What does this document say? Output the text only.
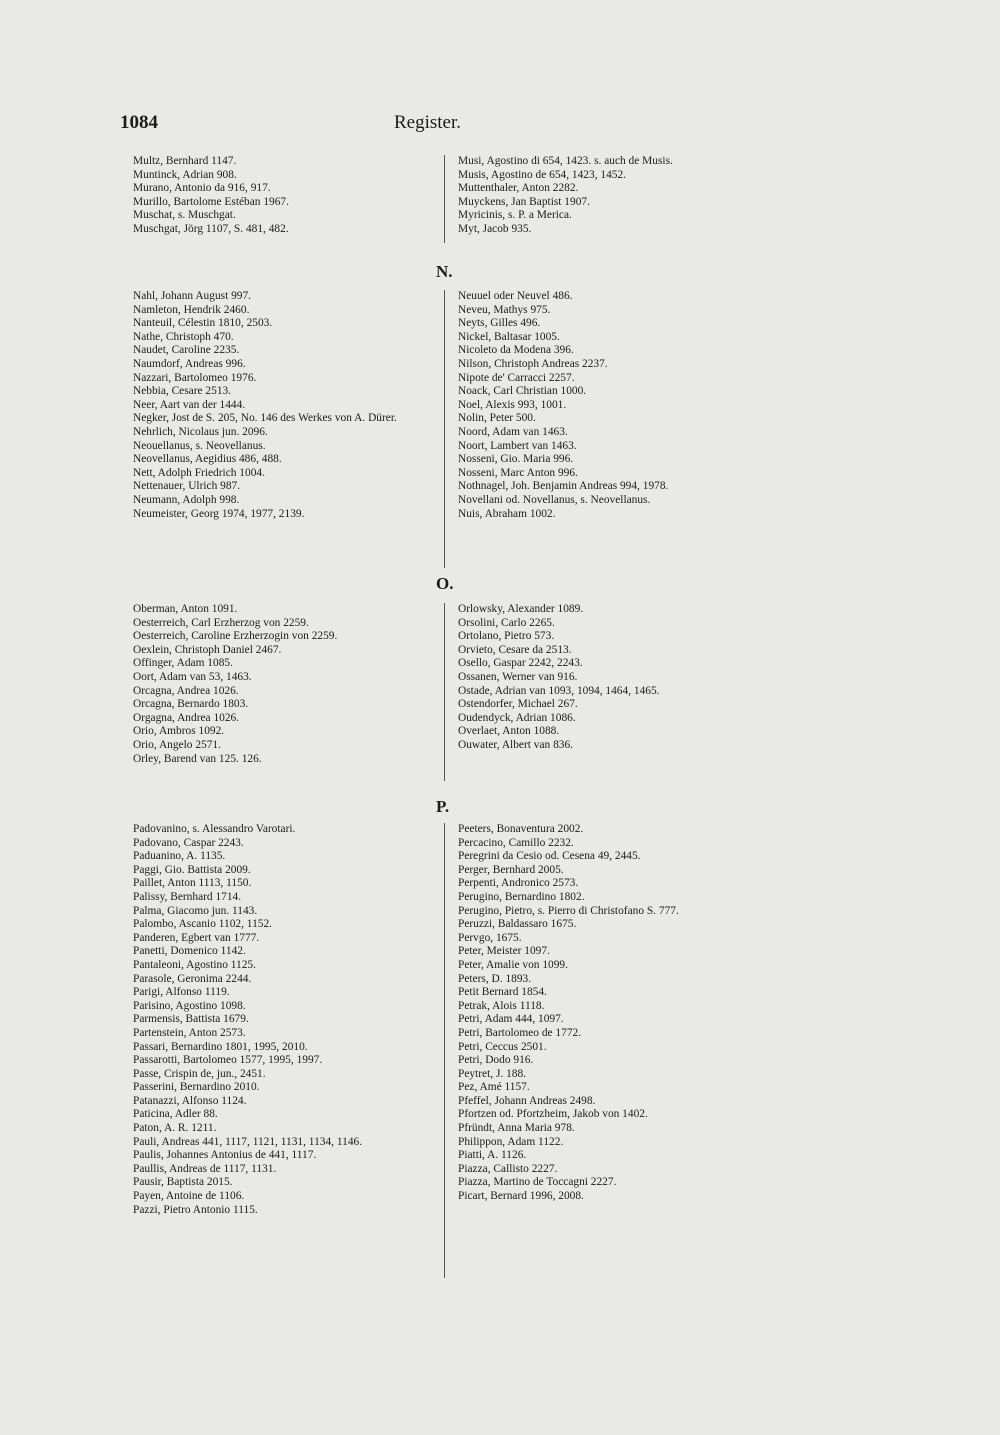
1084	Register.
Multz, Bernhard 1147.
Muntinck, Adrian 908.
Murano, Antonio da 916, 917.
Murillo, Bartolome Estéban 1967.
Muschat, s. Muschgat.
Muschgat, Jörg 1107, S. 481, 482.
Musi, Agostino di 654, 1423. s. auch de Musis.
Musis, Agostino de 654, 1423, 1452.
Muttenthaler, Anton 2282.
Muyckens, Jan Baptist 1907.
Myricinis, s. P. a Merica.
Myt, Jacob 935.
N.
Nahl, Johann August 997.
Namleton, Hendrik 2460.
Nanteuil, Célestin 1810, 2503.
Nathe, Christoph 470.
Naudet, Caroline 2235.
Naumdorf, Andreas 996.
Nazzari, Bartolomeo 1976.
Nebbia, Cesare 2513.
Neer, Aart van der 1444.
Negker, Jost de S. 205, No. 146 des Werkes von A. Dürer.
Nehrlich, Nicolaus jun. 2096.
Neouellanus, s. Neovellanus.
Neovellanus, Aegidius 486, 488.
Nett, Adolph Friedrich 1004.
Nettenauer, Ulrich 987.
Neumann, Adolph 998.
Neumeister, Georg 1974, 1977, 2139.
Neuuel oder Neuvel 486.
Neveu, Mathys 975.
Neyts, Gilles 496.
Nickel, Baltasar 1005.
Nicoleto da Modena 396.
Nilson, Christoph Andreas 2237.
Nipote de' Carracci 2257.
Noack, Carl Christian 1000.
Noel, Alexis 993, 1001.
Nolin, Peter 500.
Noord, Adam van 1463.
Noort, Lambert van 1463.
Nosseni, Gio. Maria 996.
Nosseni, Marc Anton 996.
Nothnagel, Joh. Benjamin Andreas 994, 1978.
Novellani od. Novellanus, s. Neovellanus.
Nuis, Abraham 1002.
O.
Oberman, Anton 1091.
Oesterreich, Carl Erzherzog von 2259.
Oesterreich, Caroline Erzherzogin von 2259.
Oexlein, Christoph Daniel 2467.
Offinger, Adam 1085.
Oort, Adam van 53, 1463.
Orcagna, Andrea 1026.
Orcagna, Bernardo 1803.
Orgagna, Andrea 1026.
Orio, Ambros 1092.
Orio, Angelo 2571.
Orley, Barend van 125. 126.
Orlowsky, Alexander 1089.
Orsolini, Carlo 2265.
Ortolano, Pietro 573.
Orvieto, Cesare da 2513.
Osello, Gaspar 2242, 2243.
Ossanen, Werner van 916.
Ostade, Adrian van 1093, 1094, 1464, 1465.
Ostendorfer, Michael 267.
Oudendyck, Adrian 1086.
Overlaet, Anton 1088.
Ouwater, Albert van 836.
P.
Padovanino, s. Alessandro Varotari.
Padovano, Caspar 2243.
Paduanino, A. 1135.
Paggi, Gio. Battista 2009.
Paillet, Anton 1113, 1150.
Palissy, Bernhard 1714.
Palma, Giacomo jun. 1143.
Palombo, Ascanio 1102, 1152.
Panderen, Egbert van 1777.
Panetti, Domenico 1142.
Pantaleoni, Agostino 1125.
Parasole, Geronima 2244.
Parigi, Alfonso 1119.
Parisino, Agostino 1098.
Parmensis, Battista 1679.
Partenstein, Anton 2573.
Passari, Bernardino 1801, 1995, 2010.
Passarotti, Bartolomeo 1577, 1995, 1997.
Passe, Crispin de, jun., 2451.
Passerini, Bernardino 2010.
Patanazzi, Alfonso 1124.
Paticina, Adler 88.
Paton, A. R. 1211.
Pauli, Andreas 441, 1117, 1121, 1131, 1134, 1146.
Paulis, Johannes Antonius de 441, 1117.
Paullis, Andreas de 1117, 1131.
Pausir, Baptista 2015.
Payen, Antoine de 1106.
Pazzi, Pietro Antonio 1115.
Peeters, Bonaventura 2002.
Percacino, Camillo 2232.
Peregrini da Cesio od. Cesena 49, 2445.
Perger, Bernhard 2005.
Perpenti, Andronico 2573.
Perugino, Bernardino 1802.
Perugino, Pietro, s. Pierro di Christofano S. 777.
Peruzzi, Baldassaro 1675.
Pervgo, 1675.
Peter, Meister 1097.
Peter, Amalie von 1099.
Peters, D. 1893.
Petit Bernard 1854.
Petrak, Alois 1118.
Petri, Adam 444, 1097.
Petri, Bartolomeo de 1772.
Petri, Ceccus 2501.
Petri, Dodo 916.
Peytret, J. 188.
Pez, Amé 1157.
Pfeffel, Johann Andreas 2498.
Pfortzen od. Pfortzheim, Jakob von 1402.
Pfründt, Anna Maria 978.
Philippon, Adam 1122.
Piatti, A. 1126.
Piazza, Callisto 2227.
Piazza, Martino de Toccagni 2227.
Picart, Bernard 1996, 2008.
